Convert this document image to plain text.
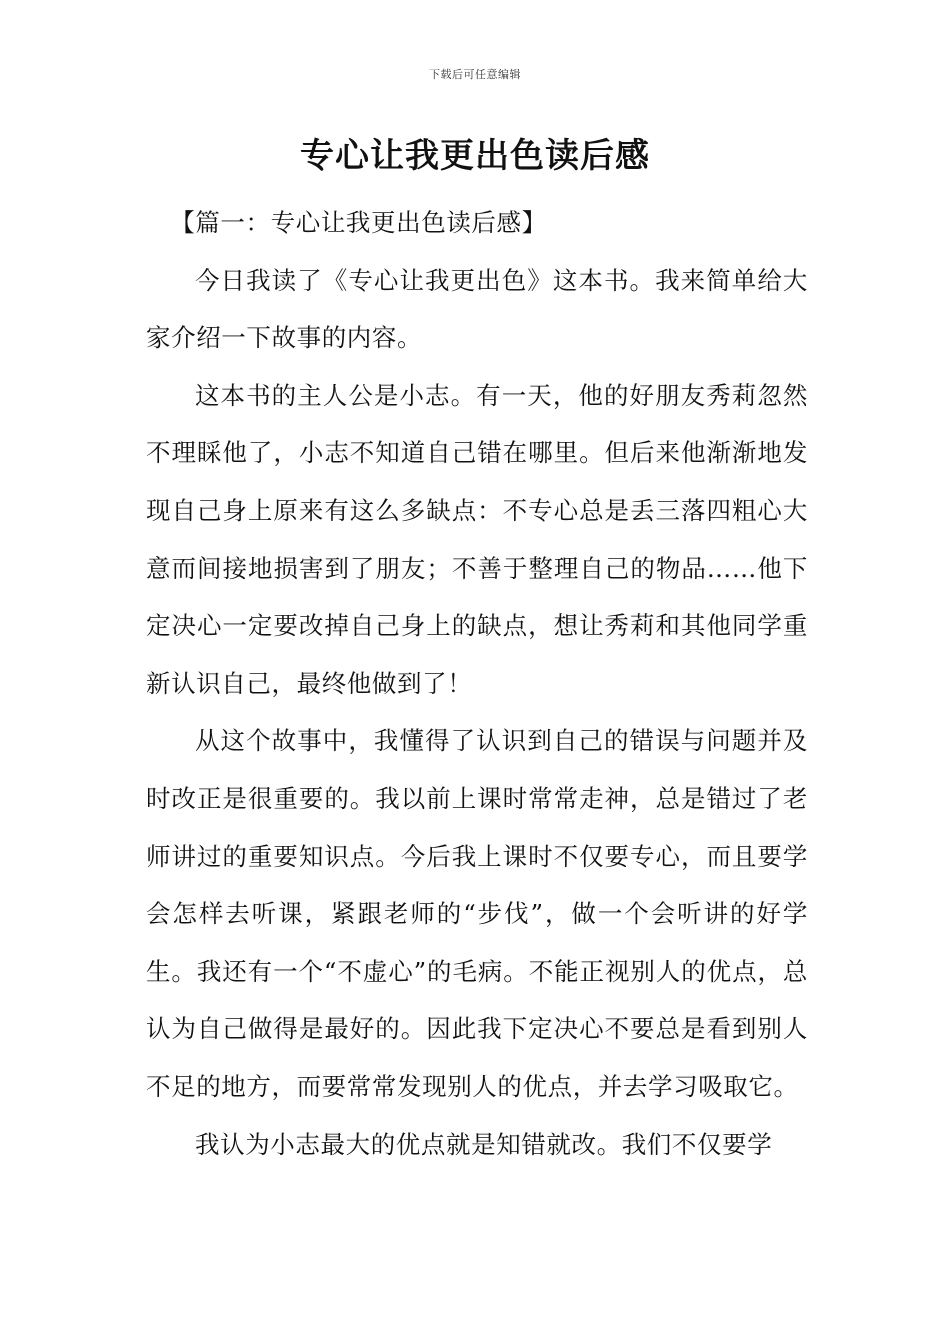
下载后可任意编辑
专心让我更出色读后感

【篇一：专心让我更出色读后感】

今日我读了《专心让我更出色》这本书。我来简单给大家介绍一下故事的内容。

这本书的主人公是小志。有一天，他的好朋友秀莉忽然不理睬他了，小志不知道自己错在哪里。但后来他渐渐地发现自己身上原来有这么多缺点：不专心总是丢三落四粗心大意而间接地损害到了朋友；不善于整理自己的物品……他下定决心一定要改掉自己身上的缺点，想让秀莉和其他同学重新认识自己，最终他做到了！

从这个故事中，我懂得了认识到自己的错误与问题并及时改正是很重要的。我以前上课时常常走神，总是错过了老师讲过的重要知识点。今后我上课时不仅要专心，而且要学会怎样去听课，紧跟老师的“步伐”，做一个会听讲的好学生。我还有一个“不虚心”的毛病。不能正视别人的优点，总认为自己做得是最好的。因此我下定决心不要总是看到别人不足的地方，而要常常发现别人的优点，并去学习吸取它。

我认为小志最大的优点就是知错就改。我们不仅要学
